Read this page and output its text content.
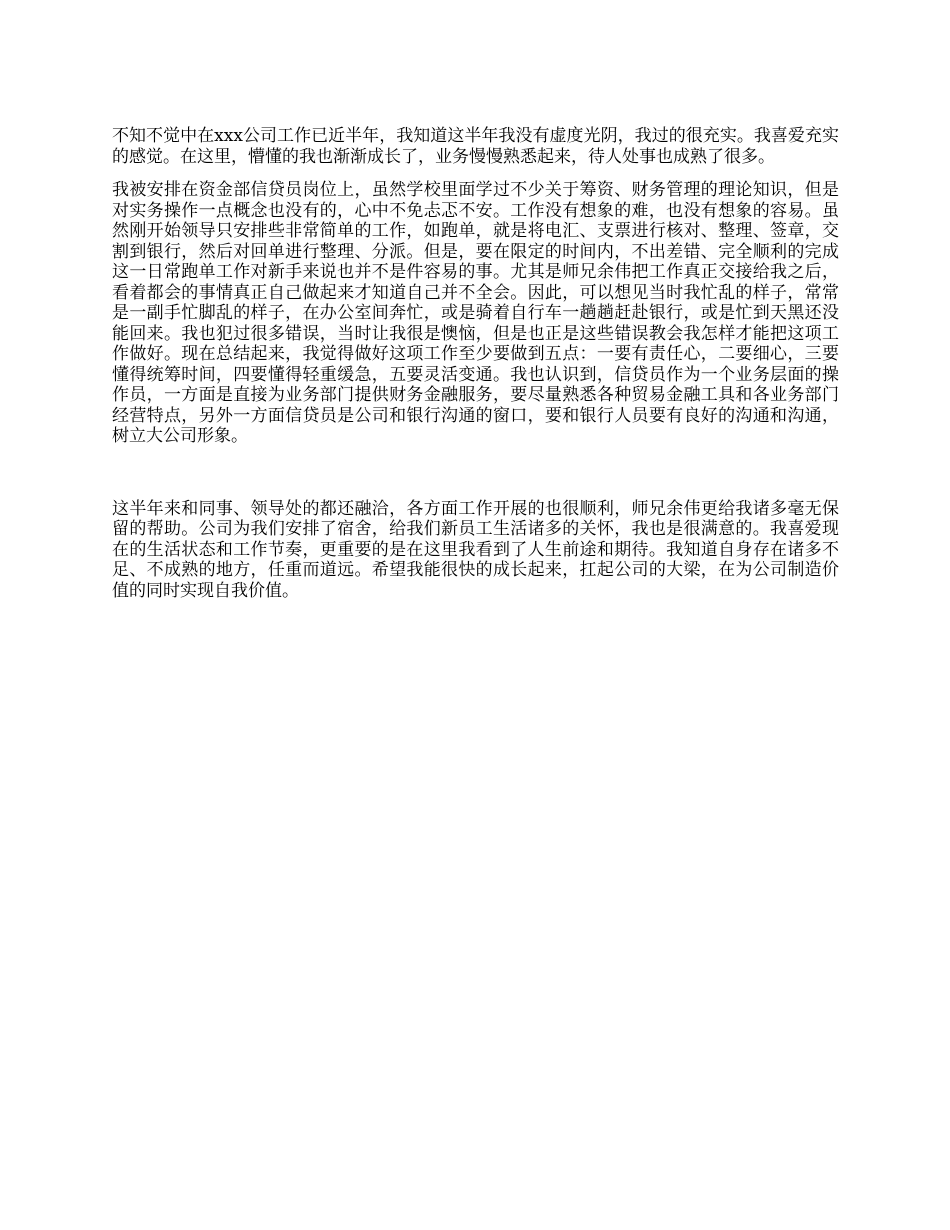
不知不觉中在xxx公司工作已近半年，我知道这半年我没有虚度光阴，我过的很充实。我喜爱充实的感觉。在这里，懵懂的我也渐渐成长了，业务慢慢熟悉起来，待人处事也成熟了很多。

我被安排在资金部信贷员岗位上，虽然学校里面学过不少关于筹资、财务管理的理论知识，但是对实务操作一点概念也没有的，心中不免忐忑不安。工作没有想象的难，也没有想象的容易。虽然刚开始领导只安排些非常简单的工作，如跑单，就是将电汇、支票进行核对、整理、签章，交割到银行，然后对回单进行整理、分派。但是，要在限定的时间内，不出差错、完全顺利的完成这一日常跑单工作对新手来说也并不是件容易的事。尤其是师兄余伟把工作真正交接给我之后，看着都会的事情真正自己做起来才知道自己并不全会。因此，可以想见当时我忙乱的样子，常常是一副手忙脚乱的样子，在办公室间奔忙，或是骑着自行车一趟趟赶赴银行，或是忙到天黑还没能回来。我也犯过很多错误，当时让我很是懊恼，但是也正是这些错误教会我怎样才能把这项工作做好。现在总结起来，我觉得做好这项工作至少要做到五点：一要有责任心，二要细心，三要懂得统筹时间，四要懂得轻重缓急，五要灵活变通。我也认识到，信贷员作为一个业务层面的操作员，一方面是直接为业务部门提供财务金融服务，要尽量熟悉各种贸易金融工具和各业务部门经营特点，另外一方面信贷员是公司和银行沟通的窗口，要和银行人员要有良好的沟通和沟通，树立大公司形象。

这半年来和同事、领导处的都还融洽，各方面工作开展的也很顺利，师兄余伟更给我诸多毫无保留的帮助。公司为我们安排了宿舍，给我们新员工生活诸多的关怀，我也是很满意的。我喜爱现在的生活状态和工作节奏，更重要的是在这里我看到了人生前途和期待。我知道自身存在诸多不足、不成熟的地方，任重而道远。希望我能很快的成长起来，扛起公司的大梁，在为公司制造价值的同时实现自我价值。
